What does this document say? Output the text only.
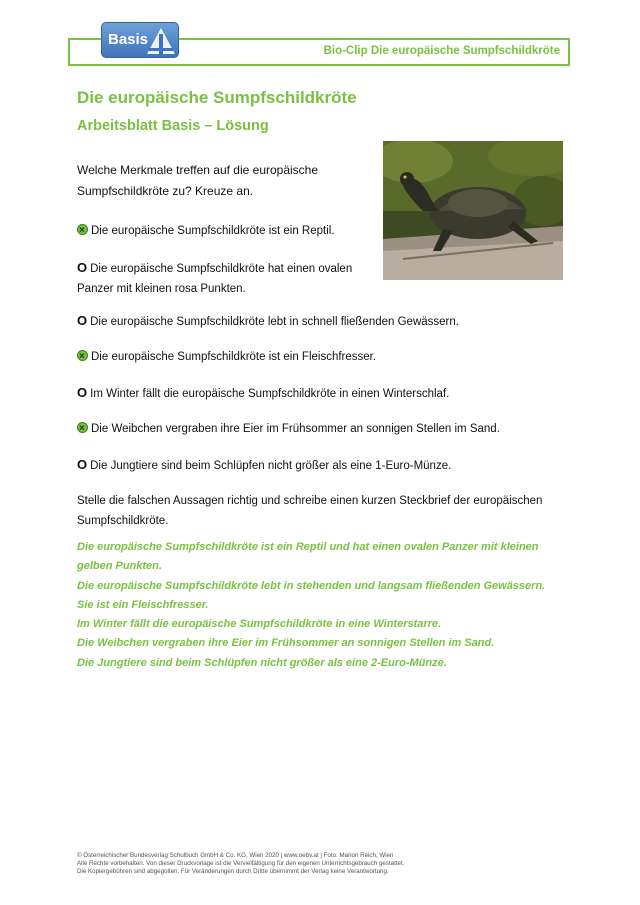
Bio-Clip Die europäische Sumpfschildkröte
Basis
Die europäische Sumpfschildkröte
Arbeitsblatt Basis – Lösung
Welche Merkmale treffen auf die europäische
Sumpfschildkröte zu? Kreuze an.
×Die europäische Sumpfschildkröte ist ein Reptil.
O Die europäische Sumpfschildkröte hat einen ovalen
Panzer mit kleinen rosa Punkten.
O Die europäische Sumpfschildkröte lebt in schnell fließenden Gewässern.
×Die europäische Sumpfschildkröte ist ein Fleischfresser.
O Im Winter fällt die europäische Sumpfschildkröte in einen Winterschlaf.
×Die Weibchen vergraben ihre Eier im Frühsommer an sonnigen Stellen im Sand.
O Die Jungtiere sind beim Schlüpfen nicht größer als eine 1-Euro-Münze.
Stelle die falschen Aussagen richtig und schreibe einen kurzen Steckbrief der europäischen
Sumpfschildkröte.
Die europäische Sumpfschildkröte ist ein Reptil und hat einen ovalen Panzer mit kleinen
gelben Punkten.
Die europäische Sumpfschildkröte lebt in stehenden und langsam fließenden Gewässern.
Sie ist ein Fleischfresser.
Im Winter fällt die europäische Sumpfschildkröte in eine Winterstarre.
Die Weibchen vergraben ihre Eier im Frühsommer an sonnigen Stellen im Sand.
Die Jungtiere sind beim Schlüpfen nicht größer als eine 2-Euro-Münze.
© Österreichischer Bundesverlag Schulbuch GmbH & Co. KG, Wien 2020 | www.oebv.at | Foto: Marion Reich, Wien
Alle Rechte vorbehalten. Von dieser Druckvorlage ist die Vervielfältigung für den eigenen Unterrichtsgebrauch gestattet.
Die Kopiergebühren sind abgegolten. Für Veränderungen durch Dritte übernimmt der Verlag keine Verantwortung.
